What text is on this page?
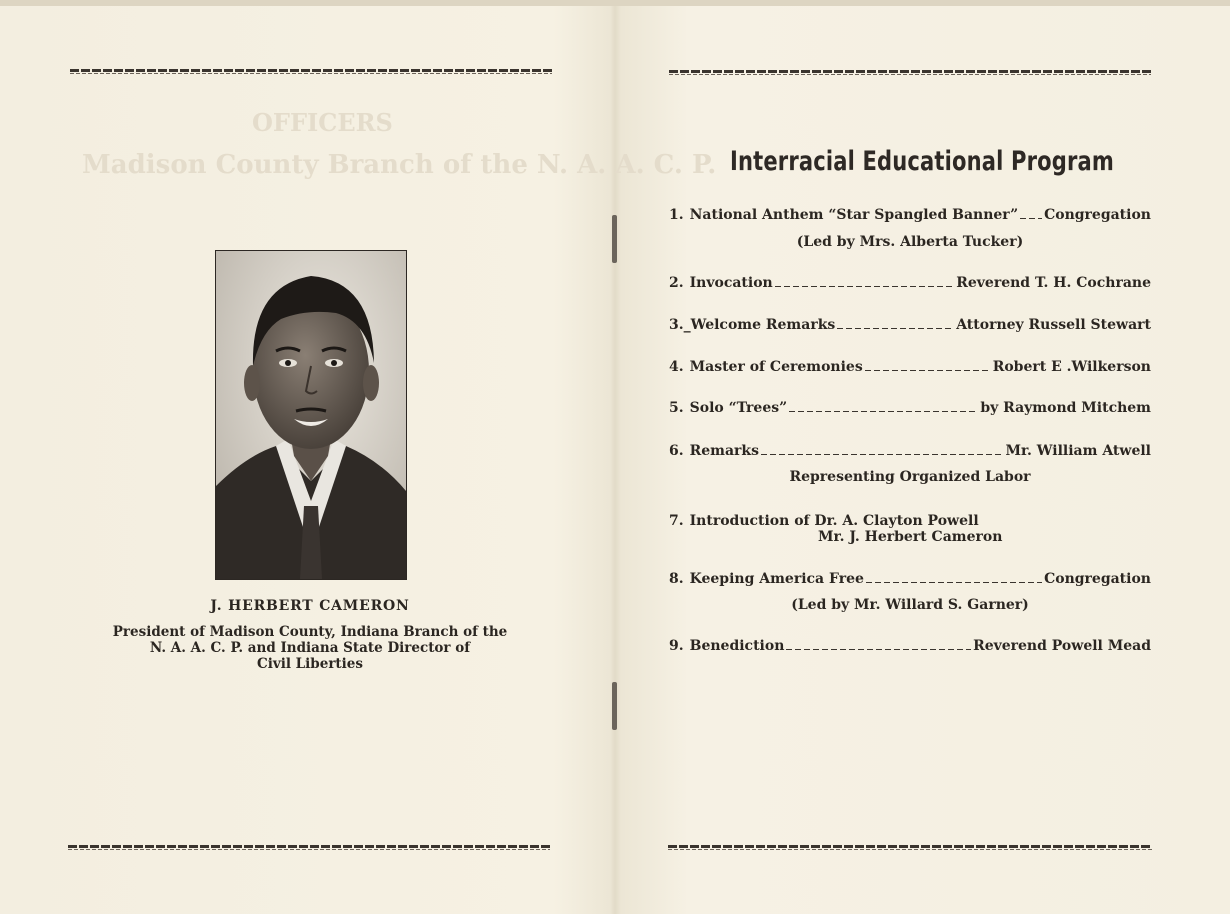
OFFICERS
Madison County Branch of the N. A. A. C. P.
J. HERBERT CAMERON
President of Madison County, Indiana Branch of the
N. A. A. C. P. and Indiana State Director of
Civil Liberties
Interracial Educational Program
1. National Anthem “Star Spangled Banner” Congregation
(Led by Mrs. Alberta Tucker)
2. Invocation	Reverend T. H. Cochrane
3._ Welcome Remarks	Attorney Russell Stewart
4. Master of Ceremonies	Robert E .Wilkerson
5. Solo “Trees”	by Raymond Mitchem
6. Remarks	Mr. William Atwell
Representing Organized Labor
7. Introduction of Dr. A. Clayton Powell
Mr. J. Herbert Cameron
8. Keeping America Free	Congregation
(Led by Mr. Willard S. Garner)
9. Benediction	Reverend Powell Mead
